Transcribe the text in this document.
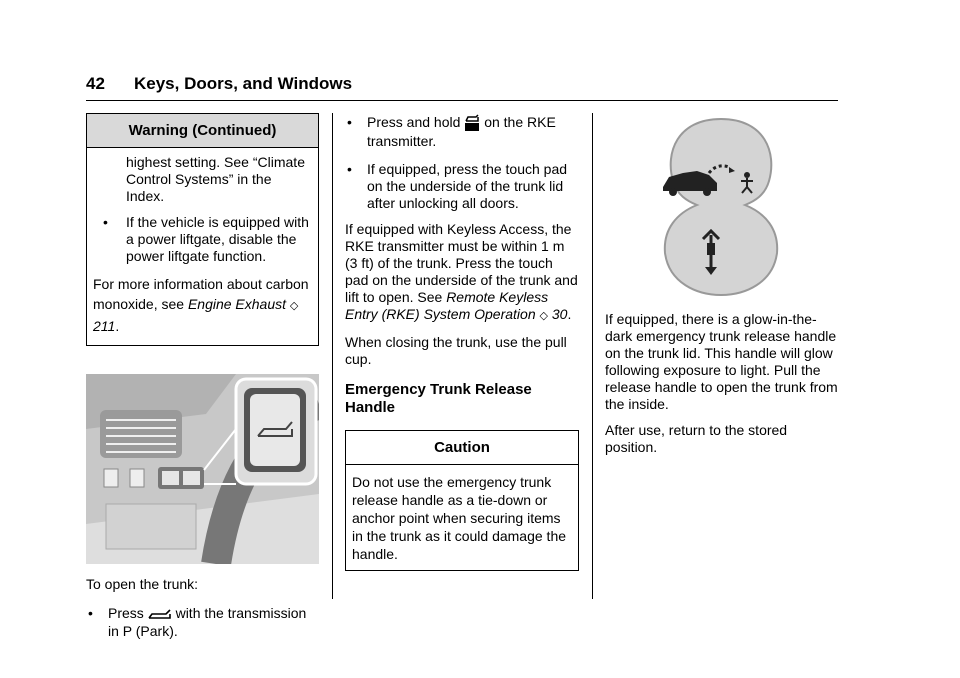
42 Keys, Doors, and Windows
Warning (Continued)

highest setting. See “Climate Control Systems” in the Index.

• If the vehicle is equipped with a power liftgate, disable the power liftgate function.

For more information about carbon monoxide, see Engine Exhaust ◇ 211.

To open the trunk:

• Press with the transmission in P (Park).

• Press and hold on the RKE transmitter.

• If equipped, press the touch pad on the underside of the trunk lid after unlocking all doors.

If equipped with Keyless Access, the RKE transmitter must be within 1 m (3 ft) of the trunk. Press the touch pad on the underside of the trunk and lift to open. See Remote Keyless Entry (RKE) System Operation ◇ 30.

When closing the trunk, use the pull cup.

Emergency Trunk Release Handle
Caution

Do not use the emergency trunk release handle as a tie-down or anchor point when securing items in the trunk as it could damage the handle.

If equipped, there is a glow-in-the-dark emergency trunk release handle on the trunk lid. This handle will glow following exposure to light. Pull the release handle to open the trunk from the inside.

After use, return to the stored position.
